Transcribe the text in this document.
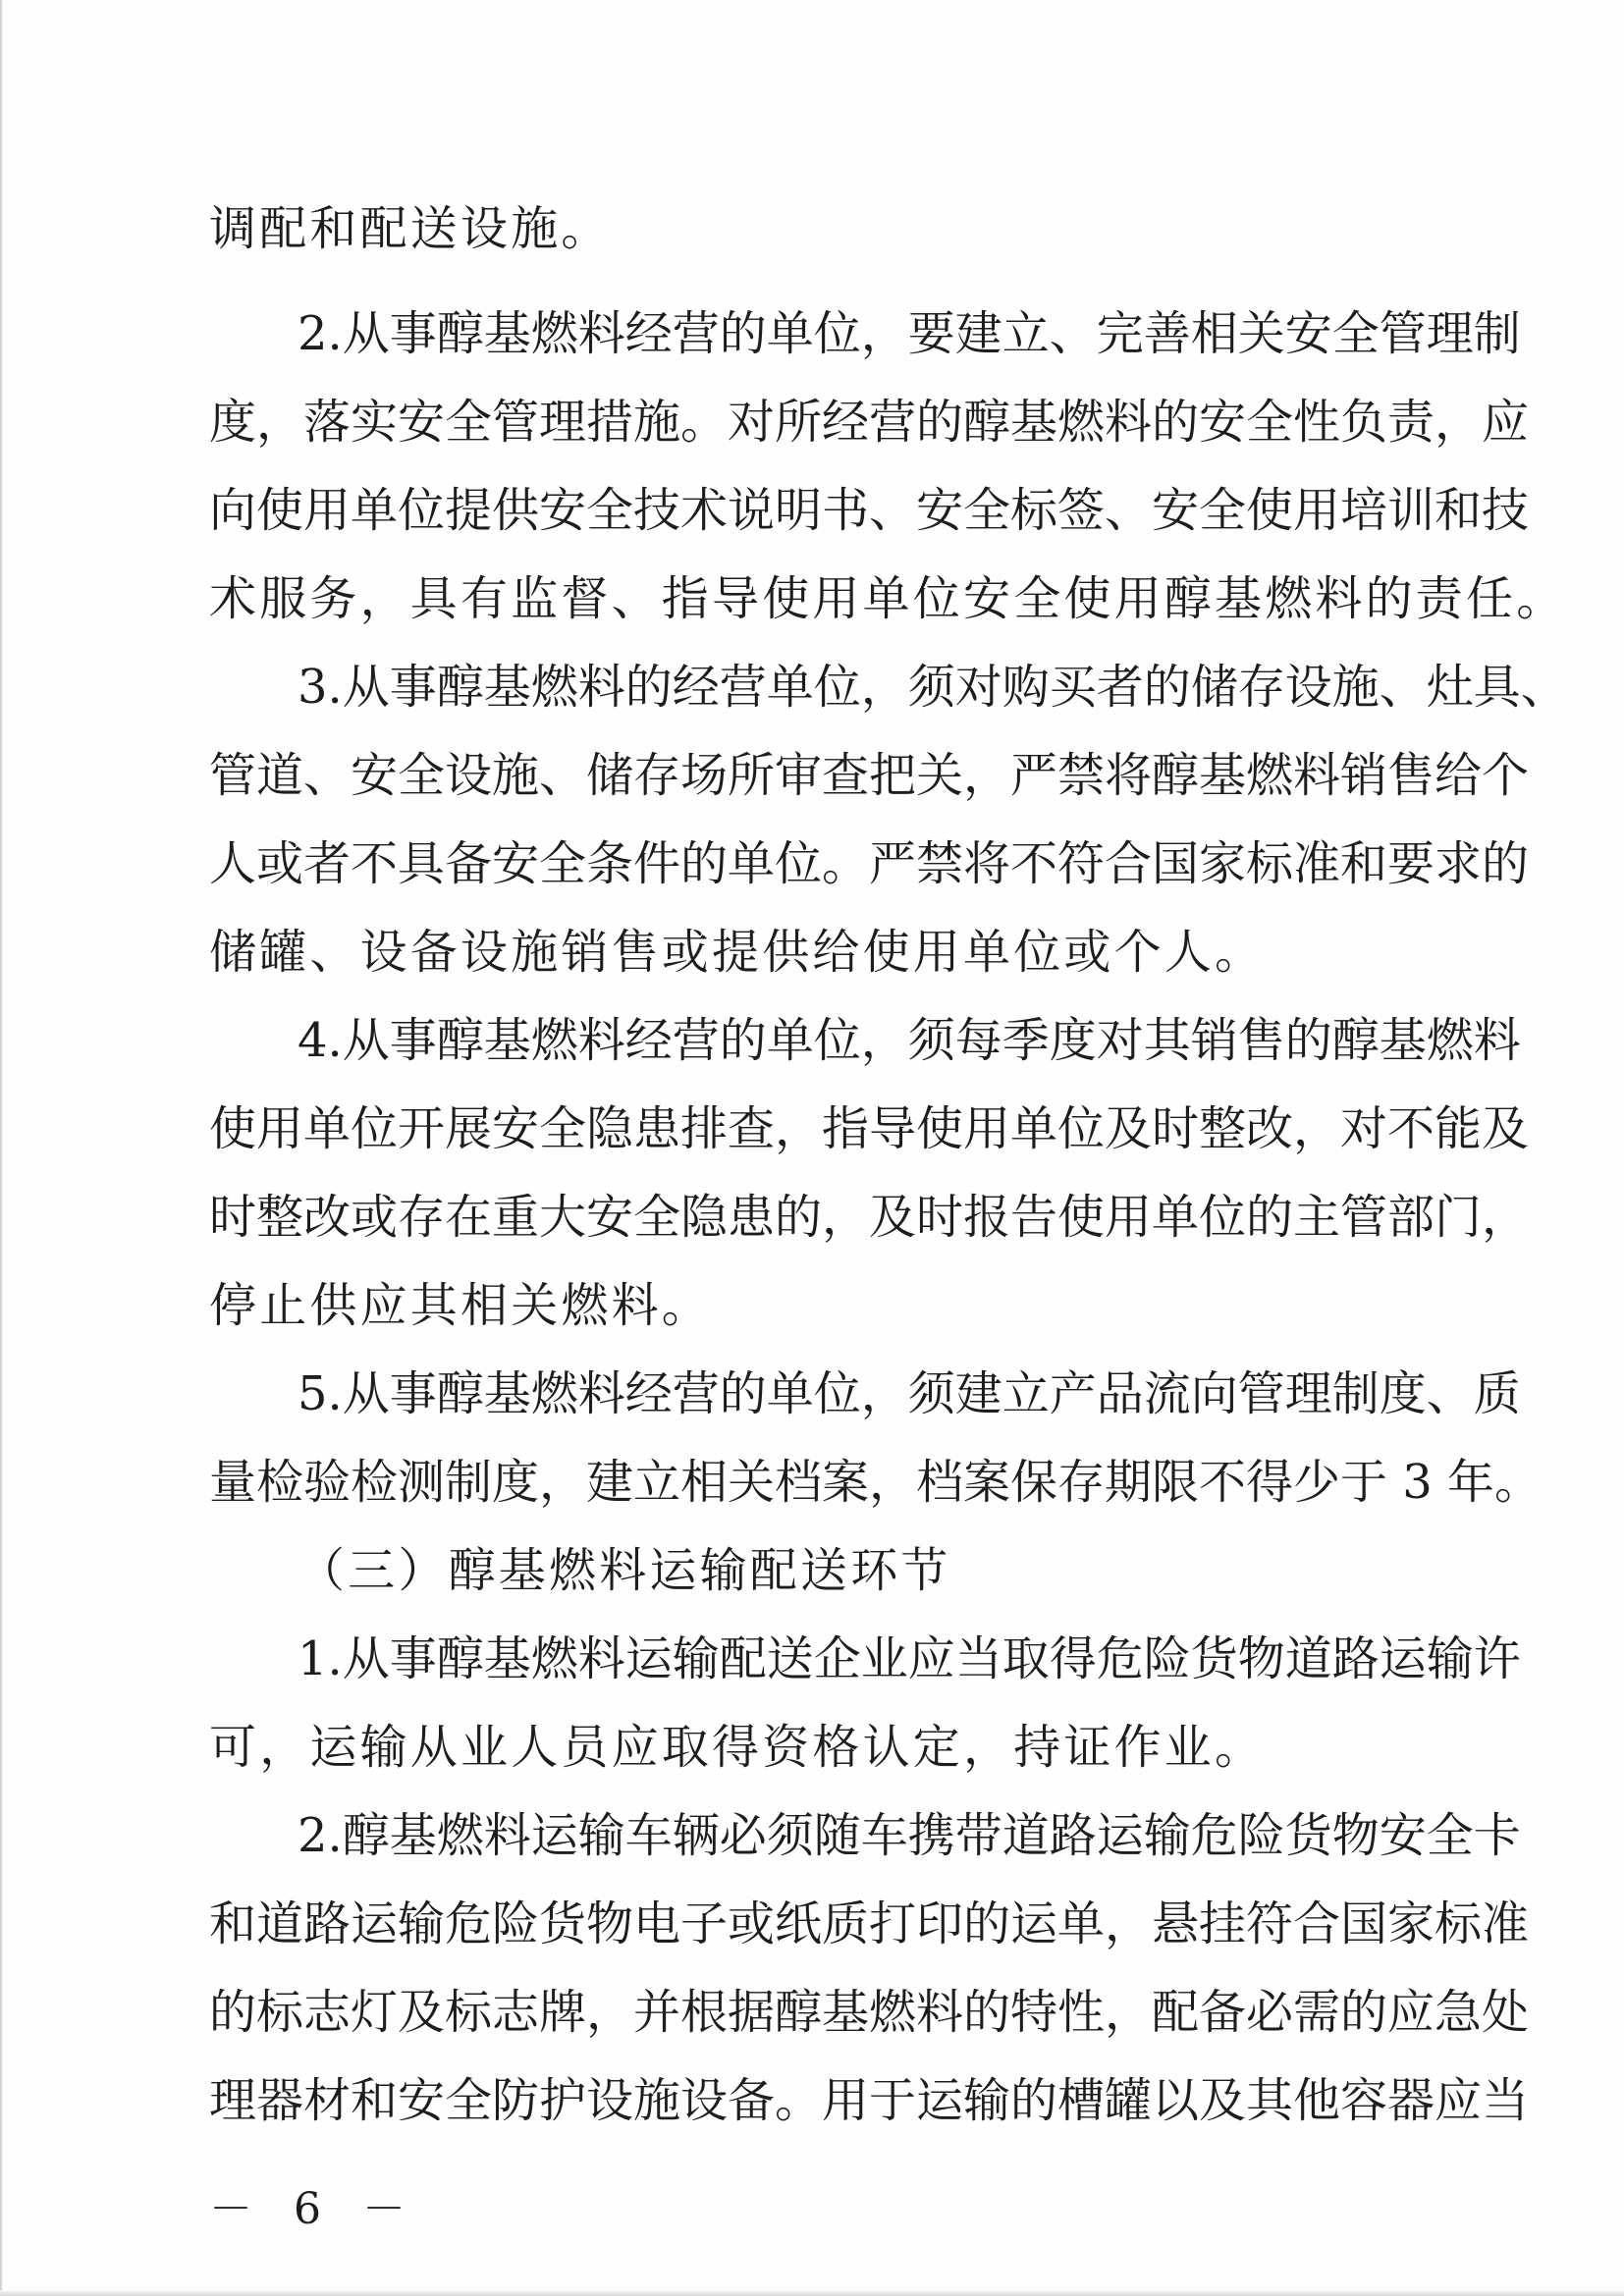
调配和配送设施。
2.从事醇基燃料经营的单位，要建立、完善相关安全管理制
度，落实安全管理措施。对所经营的醇基燃料的安全性负责，应
向使用单位提供安全技术说明书、安全标签、安全使用培训和技
术服务，具有监督、指导使用单位安全使用醇基燃料的责任。
3.从事醇基燃料的经营单位，须对购买者的储存设施、灶具、
管道、安全设施、储存场所审查把关，严禁将醇基燃料销售给个
人或者不具备安全条件的单位。严禁将不符合国家标准和要求的
储罐、设备设施销售或提供给使用单位或个人。
4.从事醇基燃料经营的单位，须每季度对其销售的醇基燃料
使用单位开展安全隐患排查，指导使用单位及时整改，对不能及
时整改或存在重大安全隐患的，及时报告使用单位的主管部门，
停止供应其相关燃料。
5.从事醇基燃料经营的单位，须建立产品流向管理制度、质
量检验检测制度，建立相关档案，档案保存期限不得少于 3 年。
（三）醇基燃料运输配送环节
1.从事醇基燃料运输配送企业应当取得危险货物道路运输许
可，运输从业人员应取得资格认定，持证作业。
2.醇基燃料运输车辆必须随车携带道路运输危险货物安全卡
和道路运输危险货物电子或纸质打印的运单，悬挂符合国家标准
的标志灯及标志牌，并根据醇基燃料的特性，配备必需的应急处
理器材和安全防护设施设备。用于运输的槽罐以及其他容器应当
－ 6 －
